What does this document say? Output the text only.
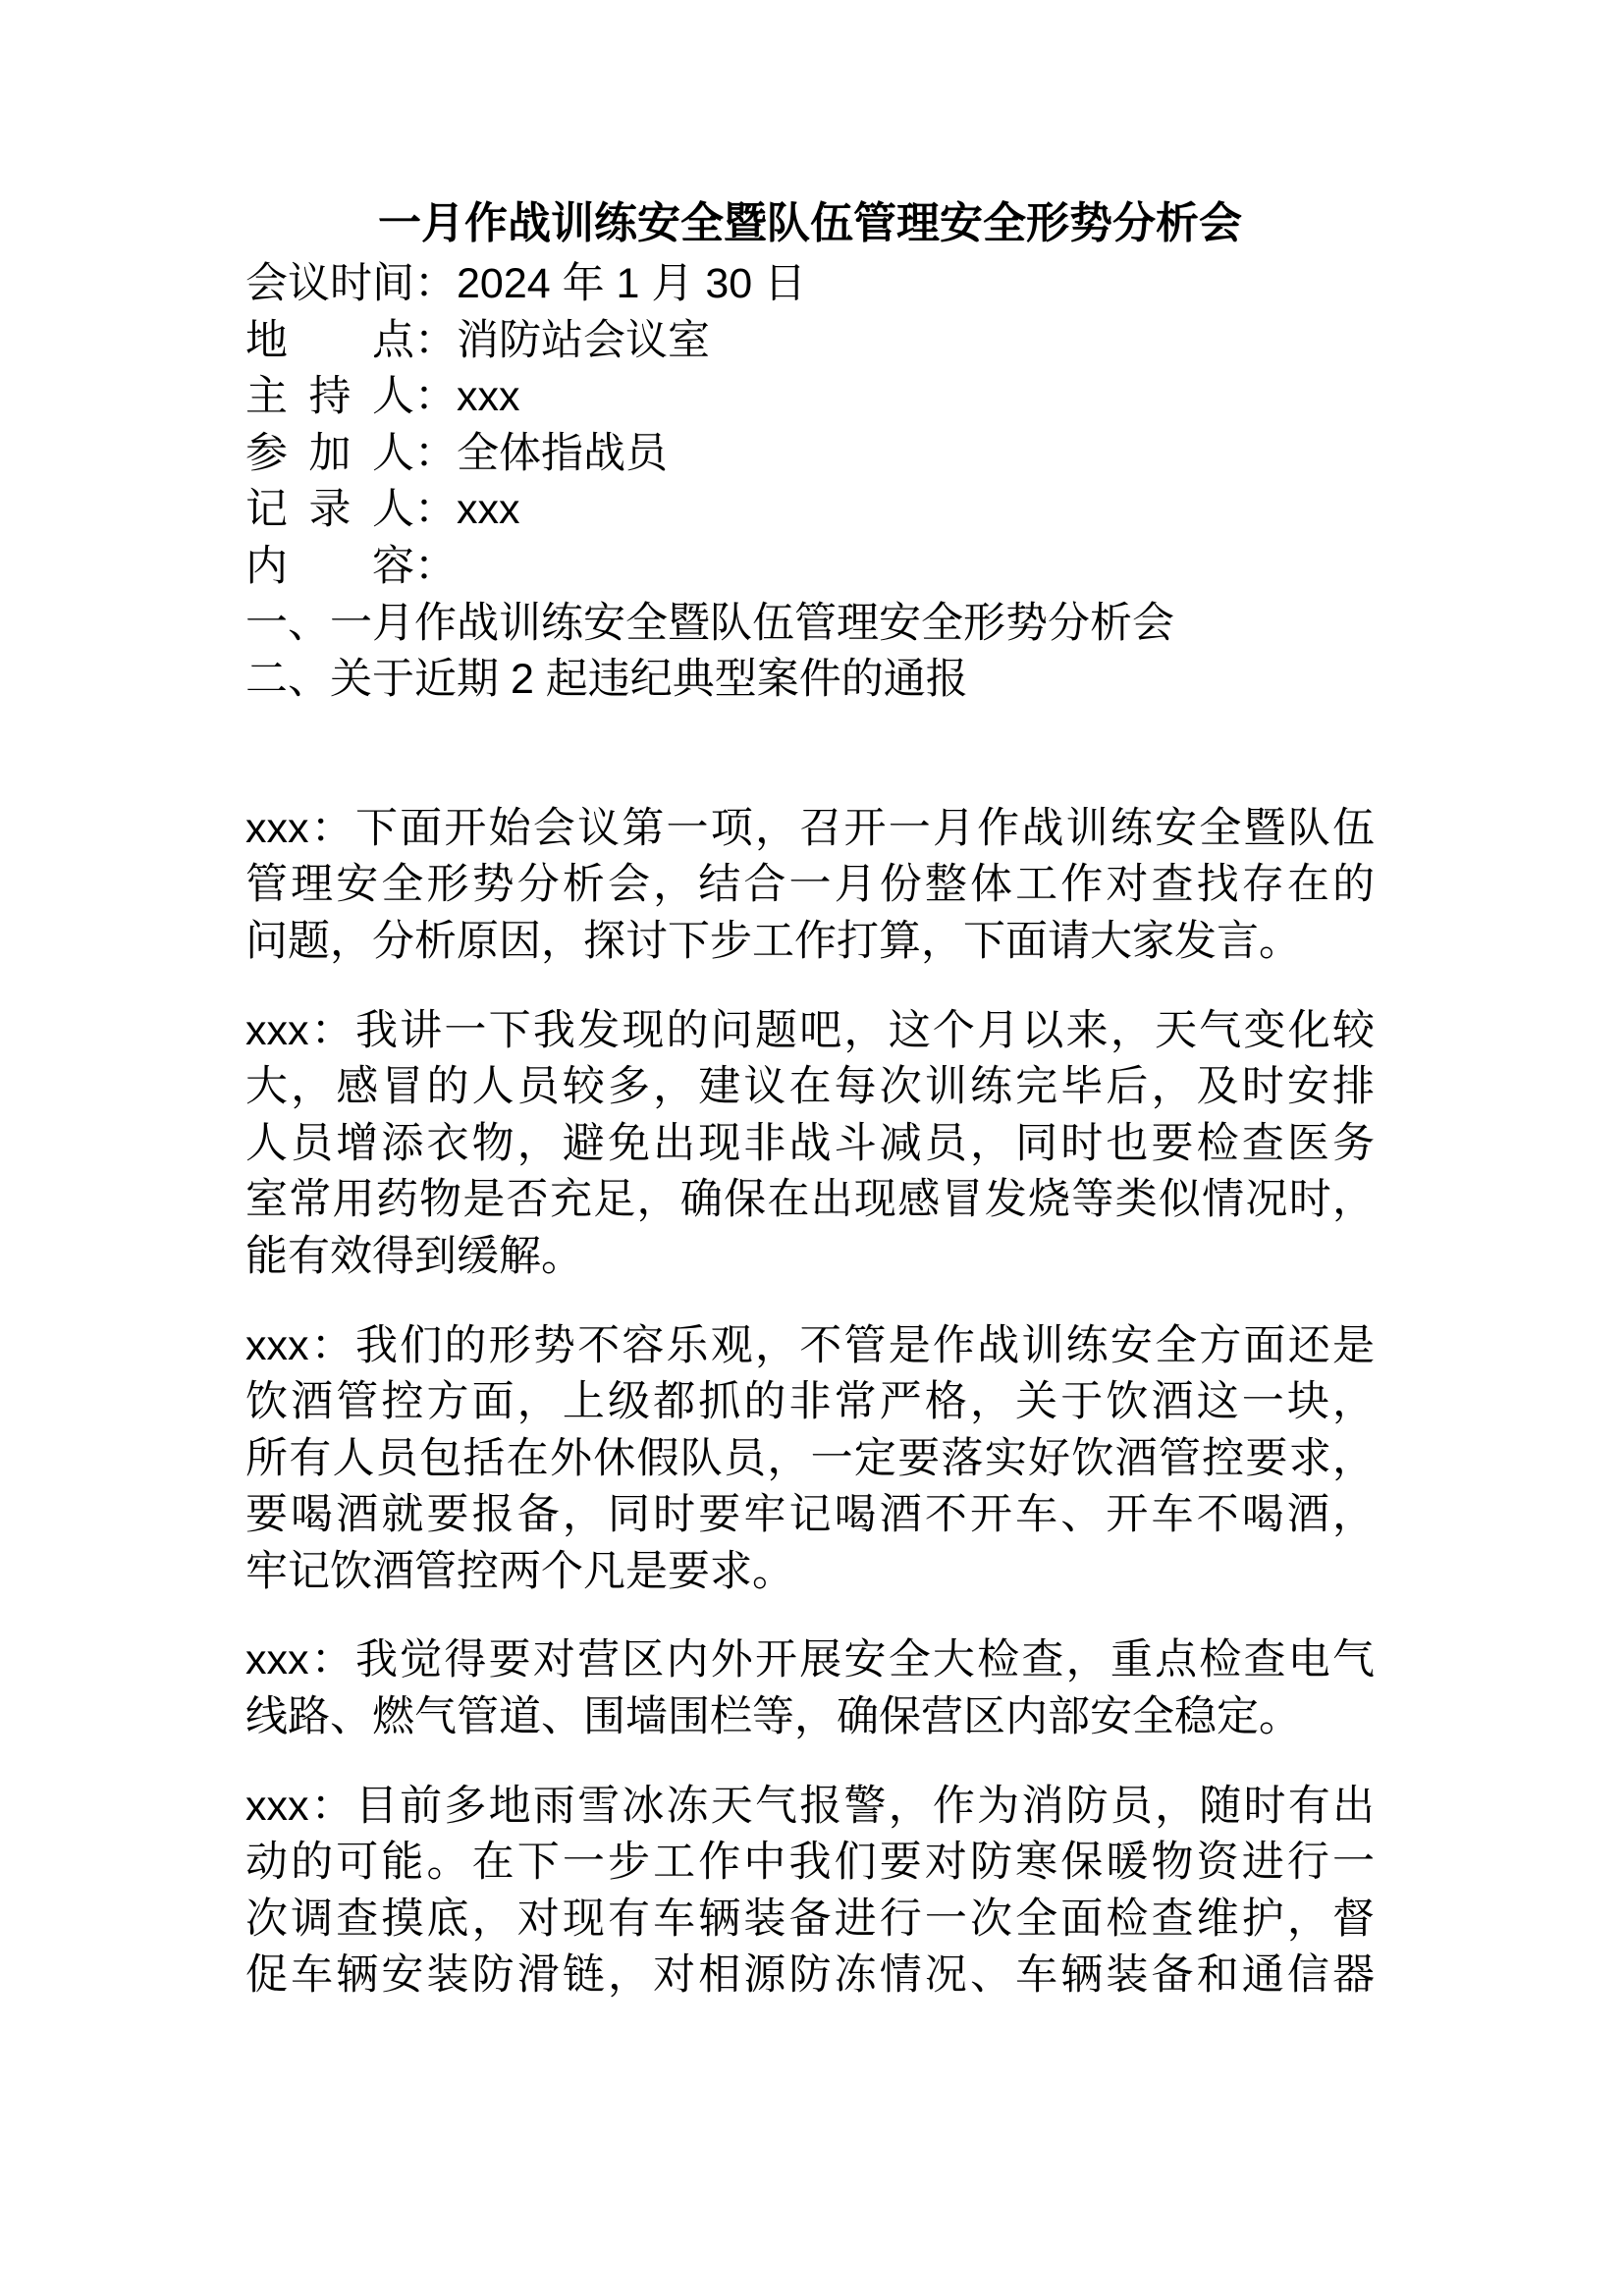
一月作战训练安全暨队伍管理安全形势分析会
会议时间：2024 年 1 月 30 日
地点：消防站会议室
主持人：xxx
参加人：全体指战员
记录人：xxx
内容：
一、一月作战训练安全暨队伍管理安全形势分析会
二、关于近期 2 起违纪典型案件的通报
xxx：下面开始会议第一项，召开一月作战训练安全暨队伍
管理安全形势分析会，结合一月份整体工作对查找存在的
问题，分析原因，探讨下步工作打算，下面请大家发言。
xxx：我讲一下我发现的问题吧，这个月以来，天气变化较
大，感冒的人员较多，建议在每次训练完毕后，及时安排
人员增添衣物，避免出现非战斗减员，同时也要检查医务
室常用药物是否充足，确保在出现感冒发烧等类似情况时，
能有效得到缓解。
xxx：我们的形势不容乐观，不管是作战训练安全方面还是
饮酒管控方面，上级都抓的非常严格，关于饮酒这一块，
所有人员包括在外休假队员，一定要落实好饮酒管控要求，
要喝酒就要报备，同时要牢记喝酒不开车、开车不喝酒，
牢记饮酒管控两个凡是要求。
xxx：我觉得要对营区内外开展安全大检查，重点检查电气
线路、燃气管道、围墙围栏等，确保营区内部安全稳定。
xxx：目前多地雨雪冰冻天气报警，作为消防员，随时有出
动的可能。在下一步工作中我们要对防寒保暖物资进行一
次调查摸底，对现有车辆装备进行一次全面检查维护，督
促车辆安装防滑链，对相源防冻情况、车辆装备和通信器
